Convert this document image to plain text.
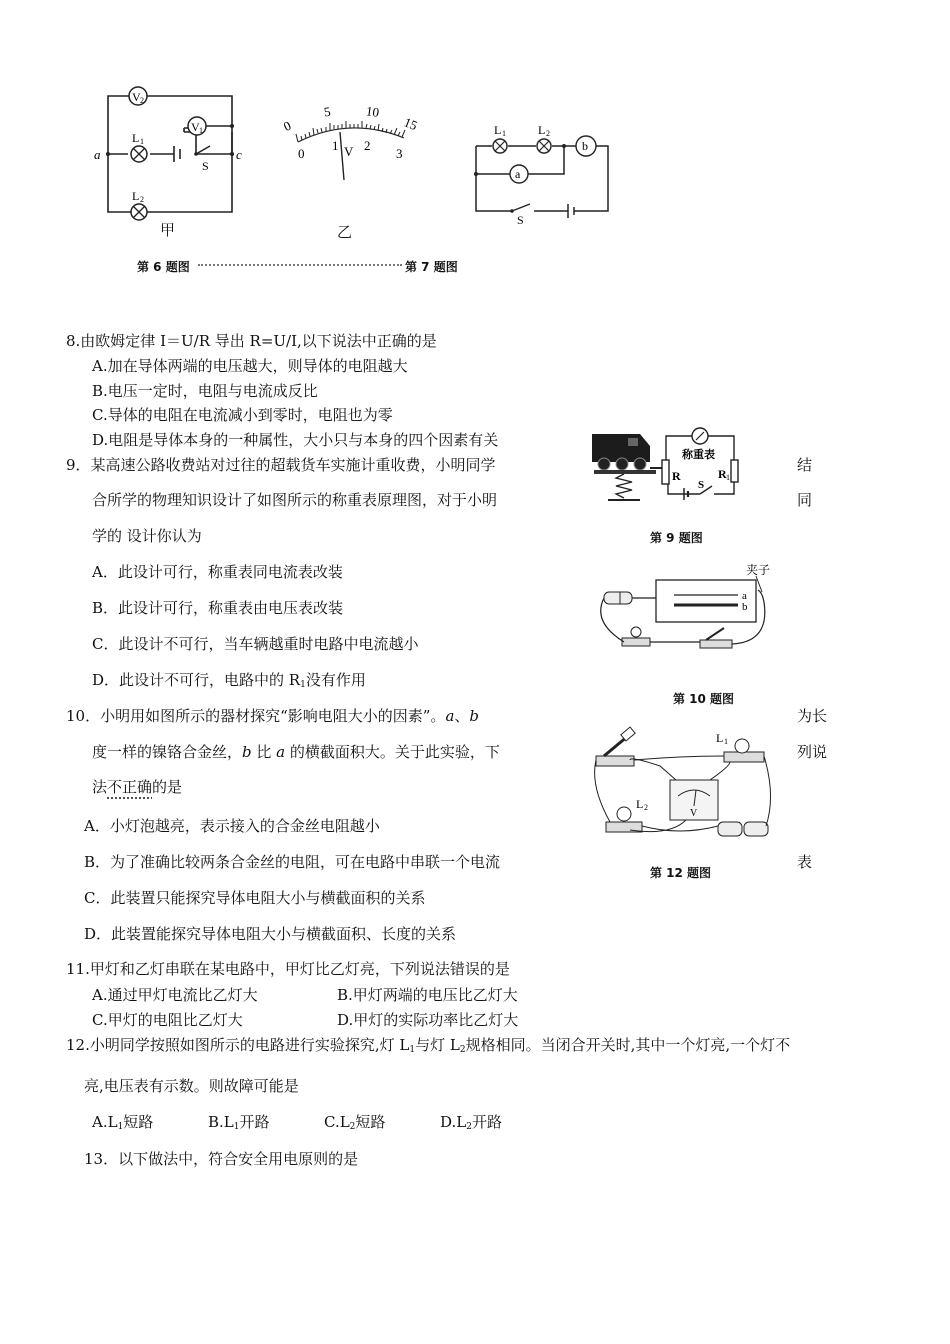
V 2
V 1
L 1
L 2
S
a	c
0
5	10
15
0
1 2
3
V
L 1	L 2
a
b
S
甲	乙
第 6 题图	第 7 题图
8.由欧姆定律 I＝U/R 导出 R=U/I,以下说法中正确的是
A.加在导体两端的电压越大，则导体的电阻越大
B.电压一定时，电阻与电流成反比
C.导体的电阻在电流减小到零时，电阻也为零
D.电阻是导体本身的一种属性，大小只与本身的四个因素有关
R	R 1
称重表
S
9．某高速公路收费站对过往的超载货车实施计重收费，小明同学	结
合所学的物理知识设计了如图所示的称重表原理图，对于小明	同
学的 设计你认为	第 9 题图
A．此设计可行，称重表同电流表改装
B．此设计可行，称重表由电压表改装
C．此设计不可行，当车辆越重时电路中电流越小
D．此设计不可行，电路中的 $R_1$没有作用
a
b
夹子
第 10 题图
10．小明用如图所示的器材探究“影响电阻大小的因素”。a、b	为长
度一样的镍铬合金丝，b 比 a 的横截面积大。关于此实验，下	列说
法不正确的是
L 1
V
L 2
第 12 题图
A．小灯泡越亮，表示接入的合金丝电阻越小
B．为了准确比较两条合金丝的电阻，可在电路中串联一个电流	表
C．此装置只能探究导体电阻大小与横截面积的关系
D．此装置能探究导体电阻大小与横截面积、长度的关系
11.甲灯和乙灯串联在某电路中，甲灯比乙灯亮，下列说法错误的是
A.通过甲灯电流比乙灯大	B.甲灯两端的电压比乙灯大
C.甲灯的电阻比乙灯大	D.甲灯的实际功率比乙灯大
12.小明同学按照如图所示的电路进行实验探究,灯 $L_1$与灯 $L_2$规格相同。当闭合开关时,其中一个灯亮,一个灯不
亮,电压表有示数。则故障可能是
$A.L_1$短路	$B.L_1$开路	$C.L_2$短路	$D.L_2$开路
13．以下做法中，符合安全用电原则的是
